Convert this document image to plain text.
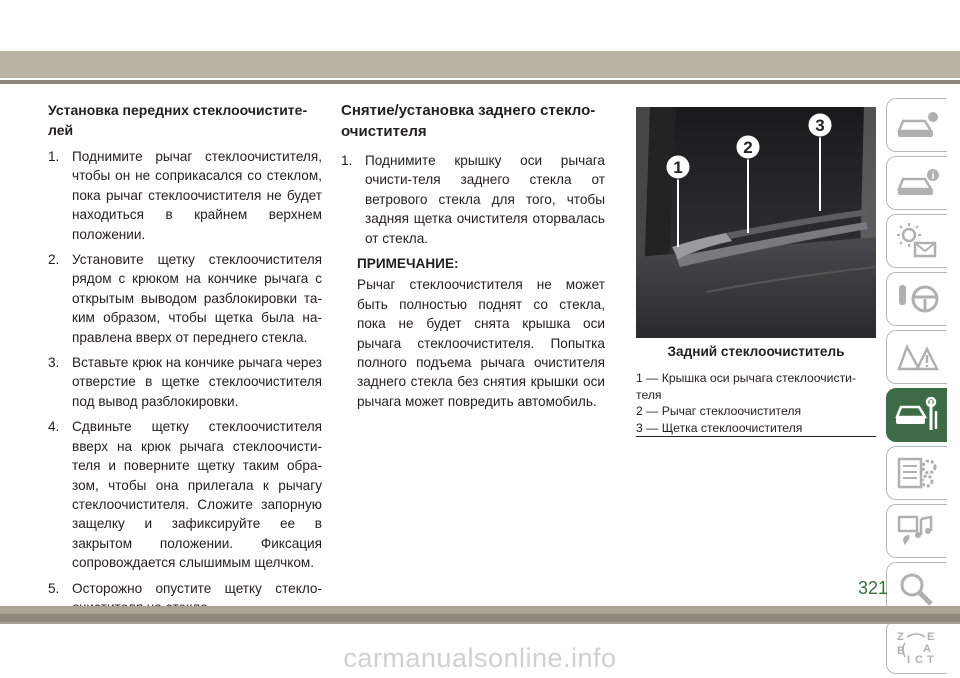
Установка передних стеклоочистите-лей
1. Поднимите рычаг стеклоочистителя, чтобы он не соприкасался со стеклом, пока рычаг стеклоочистителя не будет находиться в крайнем верхнем положении.
2. Установите щетку стеклоочистителя рядом с крюком на кончике рычага с открытым выводом разблокировки та-ким образом, чтобы щетка была на-правлена вверх от переднего стекла.
3. Вставьте крюк на кончике рычага через отверстие в щетке стеклоочистителя под вывод разблокировки.
4. Сдвиньте щетку стеклоочистителя вверх на крюк рычага стеклоочисти-теля и поверните щетку таким обра-зом, чтобы она прилегала к рычагу стеклоочистителя. Сложите запорную защелку и зафиксируйте ее в закрытом положении. Фиксация сопровождается слышимым щелчком.
5. Осторожно опустите щетку стекло-
Снятие/установка заднего стекло-очистителя
1. Поднимите крышку оси рычага очисти-теля заднего стекла от ветрового стекла для того, чтобы задняя щетка очистителя оторвалась от стекла.
ПРИМЕЧАНИЕ:
Рычаг стеклоочистителя не может быть полностью поднят со стекла, пока не будет снята крышка оси рычага стеклоочистителя. Попытка полного подъема рычага очистителя заднего стекла без снятия крышки оси рычага может повредить автомобиль.
1
2
3
Задний стеклоочиститель
1 — Крышка оси рычага стеклоочисти-теля
2 — Рычаг стеклоочистителя
3 — Щетка стеклоочистителя
i
Z E
B A
I C T
321
carmanualsonline.info
